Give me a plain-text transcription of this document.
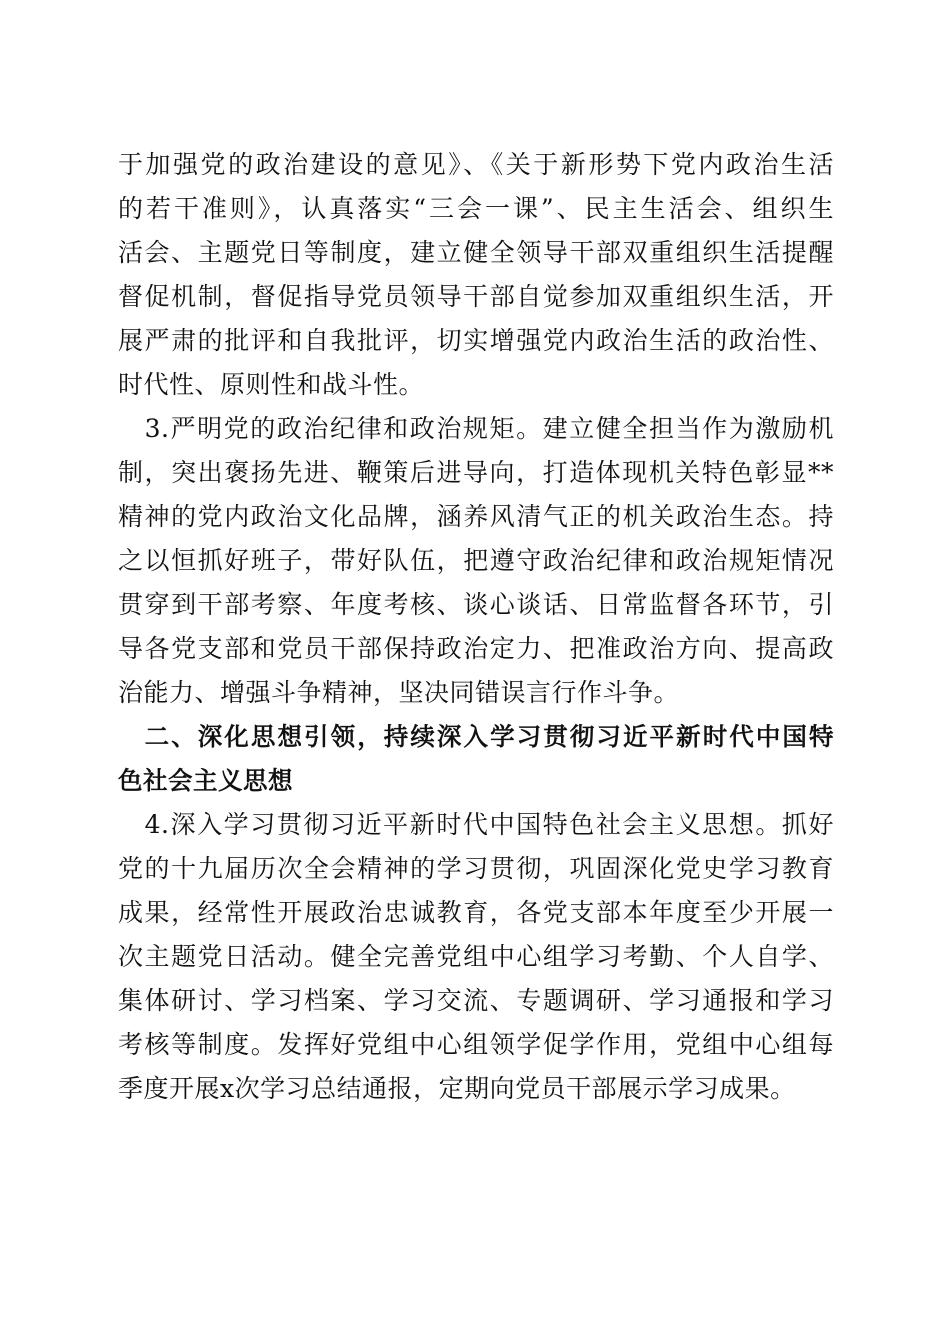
于加强党的政治建设的意见》、《关于新形势下党内政治生活
的若干准则》，认真落实“三会一课”、民主生活会、组织生
活会、主题党日等制度，建立健全领导干部双重组织生活提醒
督促机制，督促指导党员领导干部自觉参加双重组织生活，开
展严肃的批评和自我批评，切实增强党内政治生活的政治性、
时代性、原则性和战斗性。
　3.严明党的政治纪律和政治规矩。建立健全担当作为激励机
制，突出褒扬先进、鞭策后进导向，打造体现机关特色彰显**
精神的党内政治文化品牌，涵养风清气正的机关政治生态。持
之以恒抓好班子，带好队伍，把遵守政治纪律和政治规矩情况
贯穿到干部考察、年度考核、谈心谈话、日常监督各环节，引
导各党支部和党员干部保持政治定力、把准政治方向、提高政
治能力、增强斗争精神，坚决同错误言行作斗争。
　二、深化思想引领，持续深入学习贯彻习近平新时代中国特
色社会主义思想
　4.深入学习贯彻习近平新时代中国特色社会主义思想。抓好
党的十九届历次全会精神的学习贯彻，巩固深化党史学习教育
成果，经常性开展政治忠诚教育，各党支部本年度至少开展一
次主题党日活动。健全完善党组中心组学习考勤、个人自学、
集体研讨、学习档案、学习交流、专题调研、学习通报和学习
考核等制度。发挥好党组中心组领学促学作用，党组中心组每
季度开展x次学习总结通报，定期向党员干部展示学习成果。
